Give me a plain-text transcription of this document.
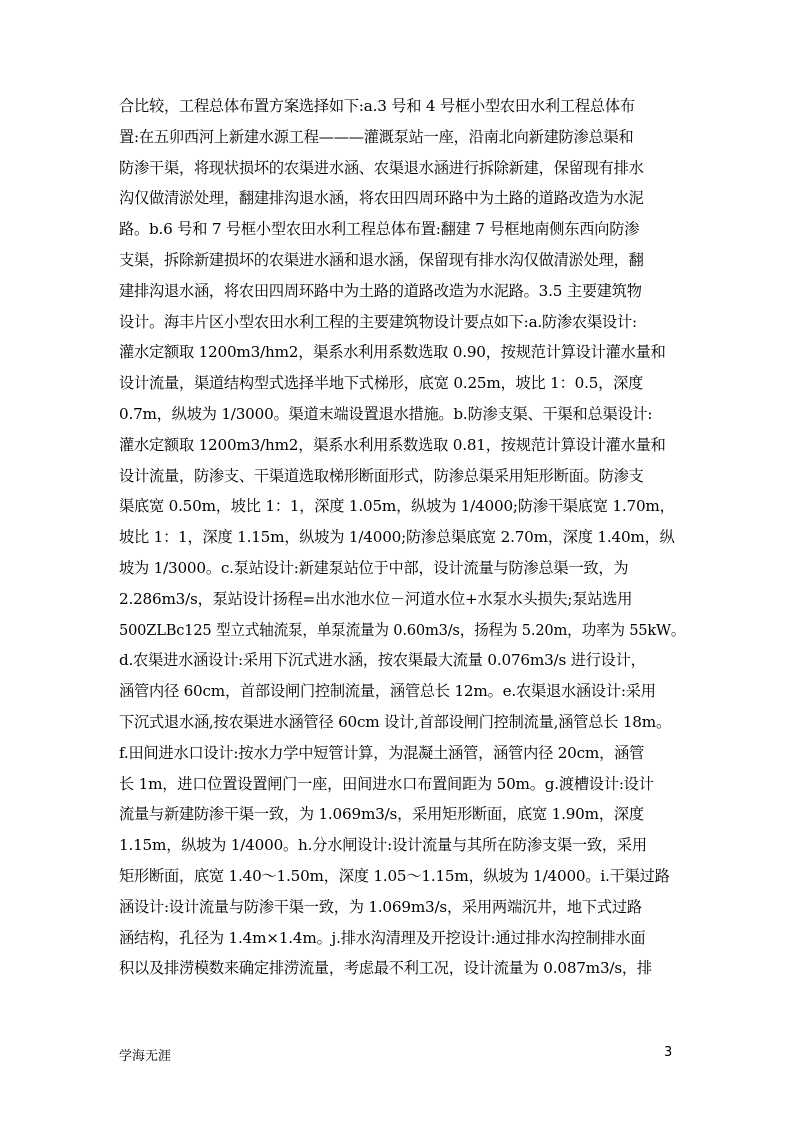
合比较，工程总体布置方案选择如下:a.3 号和 4 号框小型农田水利工程总体布
置:在五卯西河上新建水源工程———灌溉泵站一座，沿南北向新建防渗总渠和
防渗干渠，将现状损坏的农渠进水涵、农渠退水涵进行拆除新建，保留现有排水
沟仅做清淤处理，翻建排沟退水涵，将农田四周环路中为土路的道路改造为水泥
路。b.6 号和 7 号框小型农田水利工程总体布置:翻建 7 号框地南侧东西向防渗
支渠，拆除新建损坏的农渠进水涵和退水涵，保留现有排水沟仅做清淤处理，翻
建排沟退水涵，将农田四周环路中为土路的道路改造为水泥路。3.5 主要建筑物
设计。海丰片区小型农田水利工程的主要建筑物设计要点如下:a.防渗农渠设计:
灌水定额取 1200m3/hm2，渠系水利用系数选取 0.90，按规范计算设计灌水量和
设计流量，渠道结构型式选择半地下式梯形，底宽 0.25m，坡比 1：0.5，深度
0.7m，纵坡为 1/3000。渠道末端设置退水措施。b.防渗支渠、干渠和总渠设计:
灌水定额取 1200m3/hm2，渠系水利用系数选取 0.81，按规范计算设计灌水量和
设计流量，防渗支、干渠道选取梯形断面形式，防渗总渠采用矩形断面。防渗支
渠底宽 0.50m，坡比 1：1，深度 1.05m，纵坡为 1/4000;防渗干渠底宽 1.70m，
坡比 1：1，深度 1.15m，纵坡为 1/4000;防渗总渠底宽 2.70m，深度 1.40m，纵
坡为 1/3000。c.泵站设计:新建泵站位于中部，设计流量与防渗总渠一致，为
2.286m3/s，泵站设计扬程=出水池水位－河道水位+水泵水头损失;泵站选用
500ZLBc125 型立式轴流泵，单泵流量为 0.60m3/s，扬程为 5.20m，功率为 55kW。
d.农渠进水涵设计:采用下沉式进水涵，按农渠最大流量 0.076m3/s 进行设计，
涵管内径 60cm，首部设闸门控制流量，涵管总长 12m。e.农渠退水涵设计:采用
下沉式退水涵,按农渠进水涵管径 60cm 设计,首部设闸门控制流量,涵管总长 18m。
f.田间进水口设计:按水力学中短管计算，为混凝土涵管，涵管内径 20cm，涵管
长 1m，进口位置设置闸门一座，田间进水口布置间距为 50m。g.渡槽设计:设计
流量与新建防渗干渠一致，为 1.069m3/s，采用矩形断面，底宽 1.90m，深度
1.15m，纵坡为 1/4000。h.分水闸设计:设计流量与其所在防渗支渠一致，采用
矩形断面，底宽 1.40～1.50m，深度 1.05～1.15m，纵坡为 1/4000。i.干渠过路
涵设计:设计流量与防渗干渠一致，为 1.069m3/s，采用两端沉井，地下式过路
涵结构，孔径为 1.4m×1.4m。j.排水沟清理及开挖设计:通过排水沟控制排水面
积以及排涝模数来确定排涝流量，考虑最不利工况，设计流量为 0.087m3/s，排
学海无涯	3
